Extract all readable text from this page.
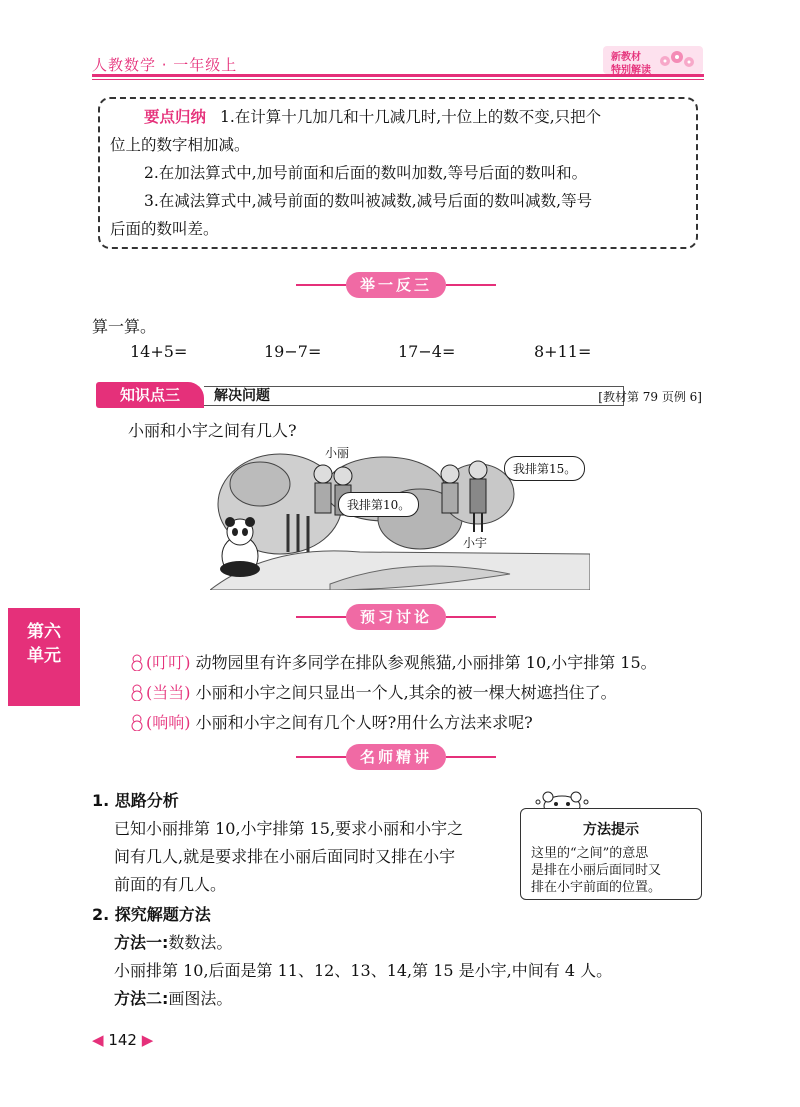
人教数学 · 一年级上	新教材
特别解读

要点归纳 1.在计算十几加几和十几减几时,十位上的数不变,只把个

位上的数字相加减。

2.在加法算式中,加号前面和后面的数叫加数,等号后面的数叫和。

3.在减法算式中,减号前面的数叫被减数,减号后面的数叫减数,等号

后面的数叫差。

举一反三
算一算。
14+5=	19−7=	17−4=	8+11=
知识点三	解决问题	[教材第 79 页例 6]
小丽和小宇之间有几人?
小丽
小宇
我排第10。
我排第15。
第六
单元
预习讨论
(叮叮) 动物园里有许多同学在排队参观熊猫,小丽排第 10,小宇排第 15。
(当当) 小丽和小宇之间只显出一个人,其余的被一棵大树遮挡住了。
(响响) 小丽和小宇之间有几个人呀?用什么方法来求呢?
名师精讲
1. 思路分析
已知小丽排第 10,小宇排第 15,要求小丽和小宇之
间有几人,就是要求排在小丽后面同时又排在小宇
前面的有几人。
方法提示
这里的“之间”的意思
是排在小丽后面同时又
排在小宇前面的位置。
2. 探究解题方法
方法一:数数法。
小丽排第 10,后面是第 11、12、13、14,第 15 是小宇,中间有 4 人。
方法二:画图法。
◀ 142 ▶
